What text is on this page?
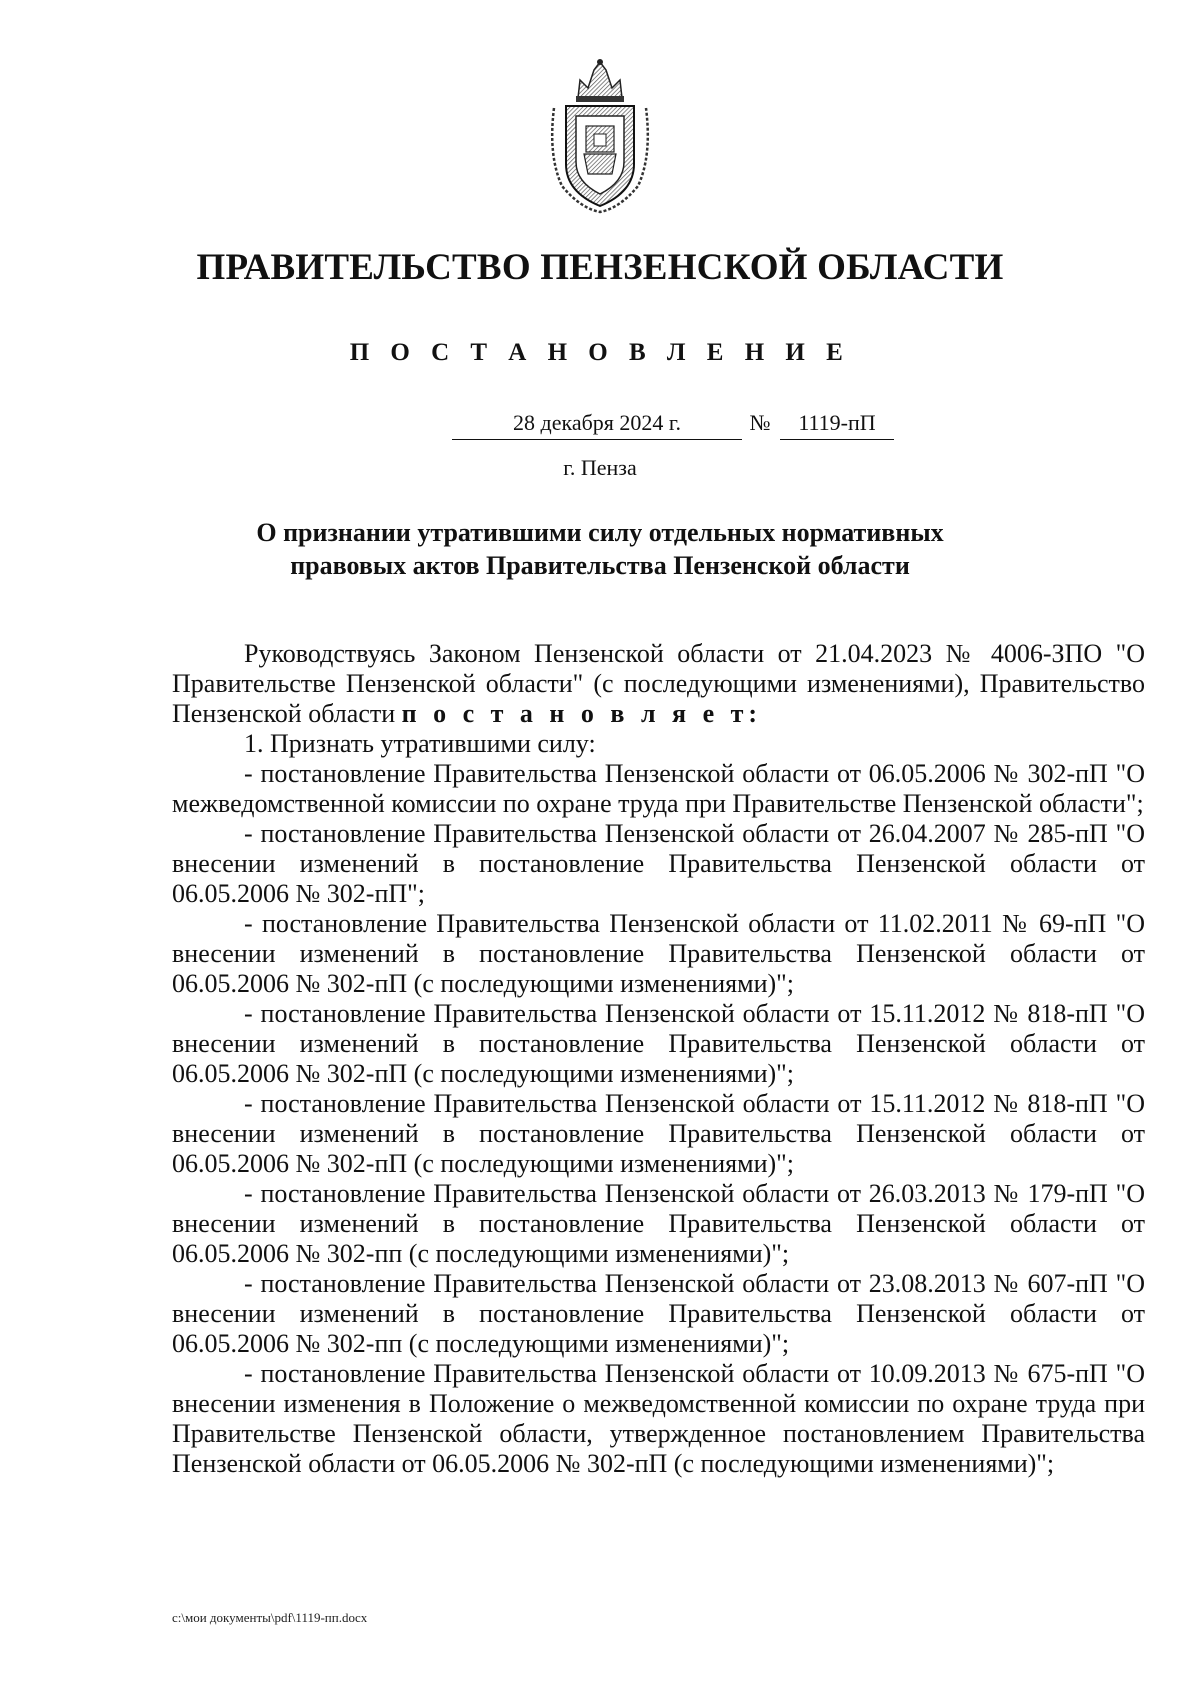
ПРАВИТЕЛЬСТВО ПЕНЗЕНСКОЙ ОБЛАСТИ
П О С Т А Н О В Л Е Н И Е
28 декабря 2024 г.	№	1119-пП
г. Пенза
О признании утратившими силу отдельных нормативных
правовых актов Правительства Пензенской области

Руководствуясь Законом Пензенской области от 21.04.2023 № 4006-ЗПО "О Правительстве Пензенской области" (с последующими изменениями), Правительство Пензенской области п о с т а н о в л я е т:

1. Признать утратившими силу:

- постановление Правительства Пензенской области от 06.05.2006 № 302-пП "О межведомственной комиссии по охране труда при Правительстве Пензенской области";

- постановление Правительства Пензенской области от 26.04.2007 № 285-пП "О внесении изменений в постановление Правительства Пензенской области от 06.05.2006 № 302-пП";

- постановление Правительства Пензенской области от 11.02.2011 № 69-пП "О внесении изменений в постановление Правительства Пензенской области от 06.05.2006 № 302-пП (с последующими изменениями)";

- постановление Правительства Пензенской области от 15.11.2012 № 818-пП "О внесении изменений в постановление Правительства Пензенской области от 06.05.2006 № 302-пП (с последующими изменениями)";

- постановление Правительства Пензенской области от 15.11.2012 № 818-пП "О внесении изменений в постановление Правительства Пензенской области от 06.05.2006 № 302-пП (с последующими изменениями)";

- постановление Правительства Пензенской области от 26.03.2013 № 179-пП "О внесении изменений в постановление Правительства Пензенской области от 06.05.2006 № 302-пп (с последующими изменениями)";

- постановление Правительства Пензенской области от 23.08.2013 № 607-пП "О внесении изменений в постановление Правительства Пензенской области от 06.05.2006 № 302-пп (с последующими изменениями)";

- постановление Правительства Пензенской области от 10.09.2013 № 675-пП "О внесении изменения в Положение о межведомственной комиссии по охране труда при Правительстве Пензенской области, утвержденное постановлением Правительства Пензенской области от 06.05.2006 № 302-пП (с последующими изменениями)";

c:\мои документы\pdf\1119-пп.docx
